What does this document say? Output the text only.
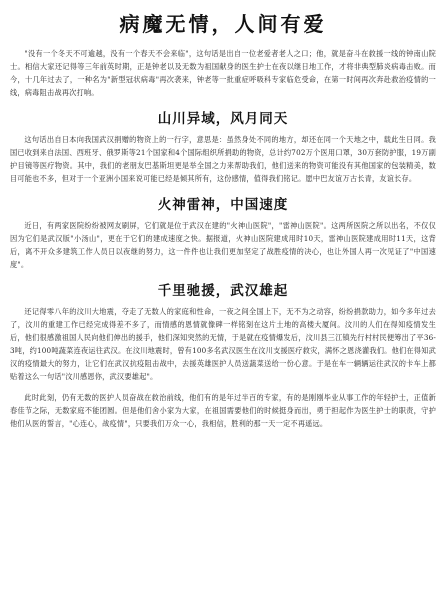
病魔无情，人间有爱

"没有一个冬天不可逾越，没有一个春天不会来临"，这句话是出自一位老爱者老人之口；他，就是奋斗在救援一线的钟南山院士。相信大家还记得等三年前英时期，正是钟老以及无数为祖国献身的医生护士在夜以继日地工作，才将非典型肺炎病毒击败。而今，十几年过去了，一种名为"新型冠状病毒"再次袭来，钟老等一批重症呼吸科专家临危受命，在第一时间再次奔赴救治疫情的一线，病毒阻击战再次打响。

山川异域，风月同天

这句话出自日本向我国武汉捐赠的物资上的一行字，意思是：虽然身处不同的地方，却还在同一个天地之中，载此生日同。我国已收到来自法国、西班牙、俄罗斯等21个国家和4个国际组织所捐助的物资，总计约702万个医用口罩，30万套防护服，19万副护目镜等医疗物资。其中，我们的老朋友巴基斯坦更是举全国之力来帮助我们，他们送来的物资可能没有其他国家的包装精美，数目可能也不多，但对于一个亚洲小国来说可能已经是倾其所有，这份感情，值得我们铭记。愿中巴友谊万古长青，友谊长存。

火神雷神，中国速度

近日，有两家医院纷纷被网友刷屏，它们就是位于武汉在建的"火神山医院"，"雷神山医院"。这两所医院之所以出名，不仅仅因为它们是武汉版"小汤山"，更在于它们的建成速度之快。据报道，火神山医院建成用时10天，雷神山医院建成用时11天，这背后，离不开众多建筑工作人员日以夜继的努力，这一件件也让我们更加坚定了战胜疫情的决心，也让外国人再一次见证了"中国速度"。

千里驰援，武汉雄起

还记得零八年的汶川大地震，夺走了无数人的家庭和性命，一夜之间全国上下，无不为之动容，纷纷捐款助力，如今多年过去了，汶川的重建工作已经完成得差不多了，而情感的恩情就像碑一样铭刻在这片土地的高楼大厦间。汶川的人们在得知疫情发生后，他们很感激祖国人民向他们伸出的援手，他们深知突然的无情，于是就在疫情爆发后，汶川县三江镇先行村村民便筹出了平36-3吨，约100吨蔬菜连夜运往武汉。在汶川地震时，曾有100多名武汉医生在汶川支援医疗救灾，满怀之恩浇灌我们。他们在得知武汉的疫情最大的努力，让它们在武汉抗疫阻击战中，去援英雄医护人员送蔬菜送给一份心意。于是在车一辆辆运往武汉的卡车上都贴着这么一句话"汶川感恩你，武汉要雄起"。

此时此刻，仍有无数的医护人员奋战在救治前线，他们有的是年过半百的专家，有的是刚刚毕业从事工作的年轻护士，正值新春佳节之际，无数家庭不能团圆。但是他们舍小家为大家，在祖国需要他们的时候挺身而出，勇于担起作为医生护士的职责，守护他们从医的誓言，"心连心，战疫情"，只要我们万众一心，我相信，胜利的那一天一定不再遥远。
